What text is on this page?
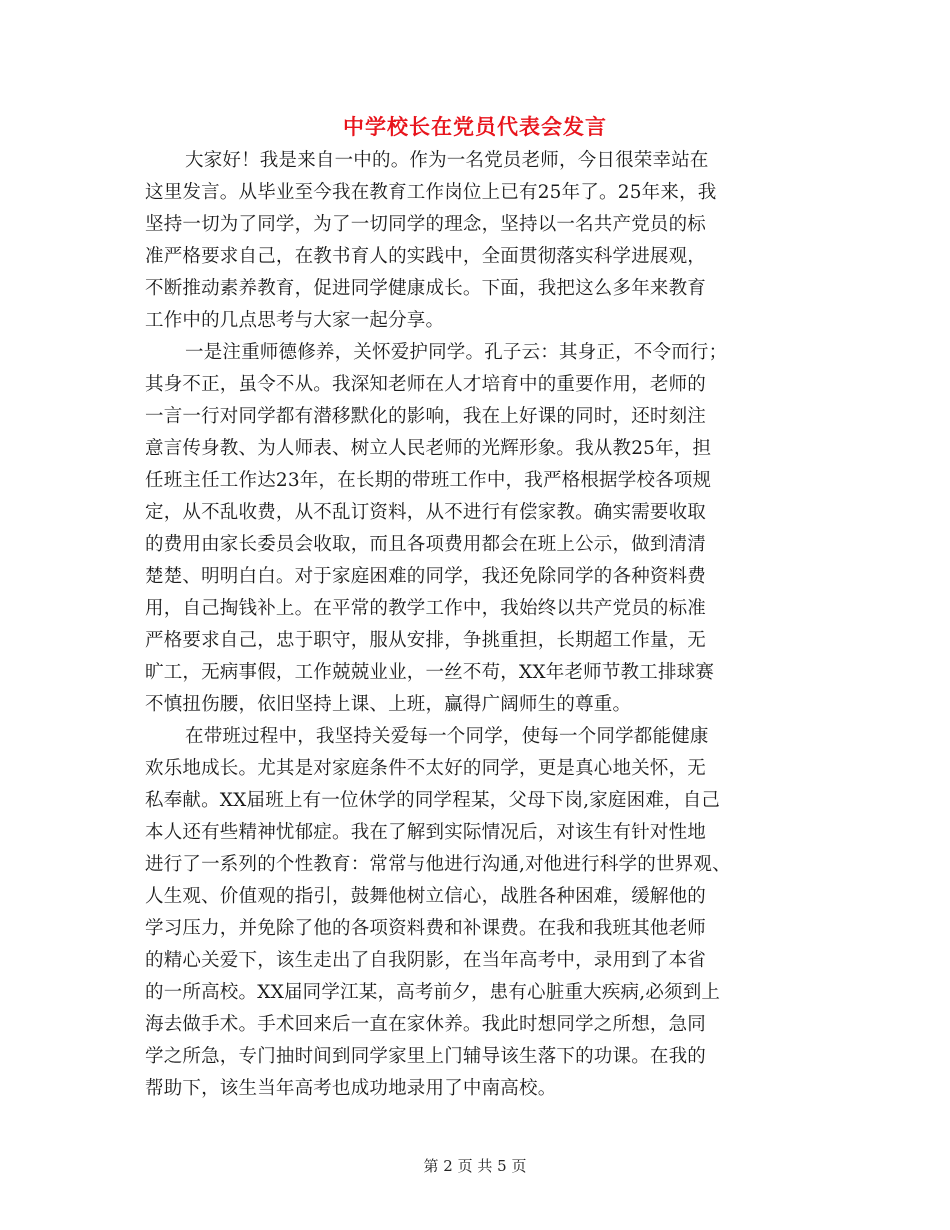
中学校长在党员代表会发言
大家好！我是来自一中的。作为一名党员老师，今日很荣幸站在
这里发言。从毕业至今我在教育工作岗位上已有25年了。25年来，我
坚持一切为了同学，为了一切同学的理念，坚持以一名共产党员的标
准严格要求自己，在教书育人的实践中，全面贯彻落实科学进展观，
不断推动素养教育，促进同学健康成长。下面，我把这么多年来教育
工作中的几点思考与大家一起分享。
一是注重师德修养，关怀爱护同学。孔子云：其身正，不令而行；
其身不正，虽令不从。我深知老师在人才培育中的重要作用，老师的
一言一行对同学都有潜移默化的影响，我在上好课的同时，还时刻注
意言传身教、为人师表、树立人民老师的光辉形象。我从教25年，担
任班主任工作达23年，在长期的带班工作中，我严格根据学校各项规
定，从不乱收费，从不乱订资料，从不进行有偿家教。确实需要收取
的费用由家长委员会收取，而且各项费用都会在班上公示，做到清清
楚楚、明明白白。对于家庭困难的同学，我还免除同学的各种资料费
用，自己掏钱补上。在平常的教学工作中，我始终以共产党员的标准
严格要求自己，忠于职守，服从安排，争挑重担，长期超工作量，无
旷工，无病事假，工作兢兢业业，一丝不苟，XX年老师节教工排球赛
不慎扭伤腰，依旧坚持上课、上班，赢得广阔师生的尊重。
在带班过程中，我坚持关爱每一个同学，使每一个同学都能健康
欢乐地成长。尤其是对家庭条件不太好的同学，更是真心地关怀，无
私奉献。XX届班上有一位休学的同学程某，父母下岗,家庭困难，自己
本人还有些精神忧郁症。我在了解到实际情况后，对该生有针对性地
进行了一系列的个性教育：常常与他进行沟通,对他进行科学的世界观、
人生观、价值观的指引，鼓舞他树立信心，战胜各种困难，缓解他的
学习压力，并免除了他的各项资料费和补课费。在我和我班其他老师
的精心关爱下，该生走出了自我阴影，在当年高考中，录用到了本省
的一所高校。XX届同学江某，高考前夕，患有心脏重大疾病,必须到上
海去做手术。手术回来后一直在家休养。我此时想同学之所想，急同
学之所急，专门抽时间到同学家里上门辅导该生落下的功课。在我的
帮助下，该生当年高考也成功地录用了中南高校。
第 2 页 共 5 页
